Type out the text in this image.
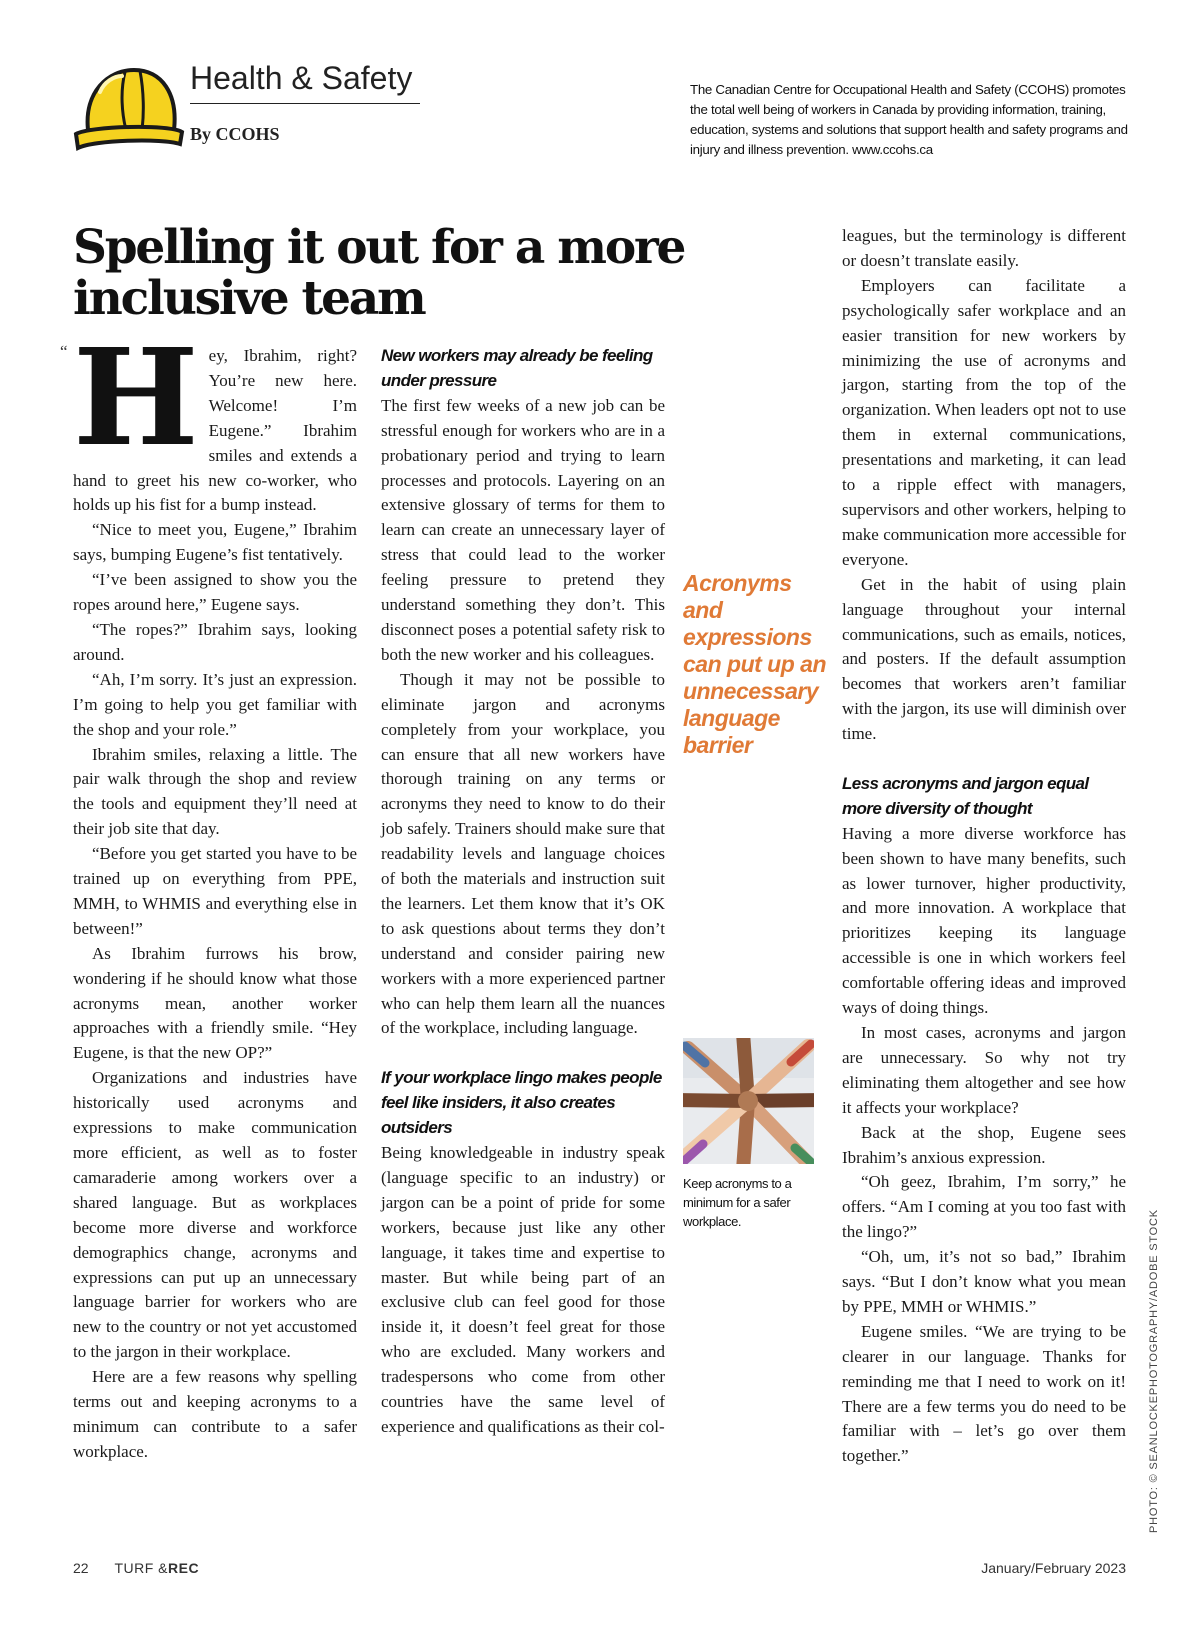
Health & Safety
By CCOHS
The Canadian Centre for Occupational Health and Safety (CCOHS) promotes the total well being of workers in Canada by providing information, training, education, systems and solutions that support health and safety programs and injury and illness prevention. www.ccohs.ca
Spelling it out for a more inclusive team
“ H ey, Ibrahim, right? You’re new here. Welcome! I’m Eugene.” Ibrahim smiles and extends a hand to greet his new co-worker, who holds up his fist for a bump instead.

“Nice to meet you, Eugene,” Ibrahim says, bumping Eugene’s fist tentatively.

“I’ve been assigned to show you the ropes around here,” Eugene says.

“The ropes?” Ibrahim says, looking around.

“Ah, I’m sorry. It’s just an expression. I’m going to help you get familiar with the shop and your role.”

Ibrahim smiles, relaxing a little. The pair walk through the shop and review the tools and equipment they’ll need at their job site that day.

“Before you get started you have to be trained up on everything from PPE, MMH, to WHMIS and everything else in between!”

As Ibrahim furrows his brow, wondering if he should know what those acronyms mean, another worker approaches with a friendly smile. “Hey Eugene, is that the new OP?”

Organizations and industries have historically used acronyms and expressions to make communication more efficient, as well as to foster camaraderie among workers over a shared language. But as workplaces become more diverse and workforce demographics change, acronyms and expressions can put up an unnecessary language barrier for workers who are new to the country or not yet accustomed to the jargon in their workplace.

Here are a few reasons why spelling terms out and keeping acronyms to a minimum can contribute to a safer workplace.

New workers may already be feeling under pressure

The first few weeks of a new job can be stressful enough for workers who are in a probationary period and trying to learn processes and protocols. Layering on an extensive glossary of terms for them to learn can create an unnecessary layer of stress that could lead to the worker feeling pressure to pretend they understand something they don’t. This disconnect poses a potential safety risk to both the new worker and his colleagues.

Though it may not be possible to eliminate jargon and acronyms completely from your workplace, you can ensure that all new workers have thorough training on any terms or acronyms they need to know to do their job safely. Trainers should make sure that readability levels and language choices of both the materials and instruction suit the learners. Let them know that it’s OK to ask questions about terms they don’t understand and consider pairing new workers with a more experienced partner who can help them learn all the nuances of the workplace, including language.

If your workplace lingo makes people feel like insiders, it also creates outsiders

Being knowledgeable in industry speak (language specific to an industry) or jargon can be a point of pride for some workers, because just like any other language, it takes time and expertise to master. But while being part of an exclusive club can feel good for those inside it, it doesn’t feel great for those who are excluded. Many workers and tradespersons who come from other countries have the same level of experience and qualifications as their col-

Acronyms and expressions can put up an unnecessary language barrier
Keep acronyms to a minimum for a safer workplace.

leagues, but the terminology is different or doesn’t translate easily.

Employers can facilitate a psychologically safer workplace and an easier transition for new workers by minimizing the use of acronyms and jargon, starting from the top of the organization. When leaders opt not to use them in external communications, presentations and marketing, it can lead to a ripple effect with managers, supervisors and other workers, helping to make communication more accessible for everyone.

Get in the habit of using plain language throughout your internal communications, such as emails, notices, and posters. If the default assumption becomes that workers aren’t familiar with the jargon, its use will diminish over time.

Less acronyms and jargon equal more diversity of thought

Having a more diverse workforce has been shown to have many benefits, such as lower turnover, higher productivity, and more innovation. A workplace that prioritizes keeping its language accessible is one in which workers feel comfortable offering ideas and improved ways of doing things.

In most cases, acronyms and jargon are unnecessary. So why not try eliminating them altogether and see how it affects your workplace?

Back at the shop, Eugene sees Ibrahim’s anxious expression.

“Oh geez, Ibrahim, I’m sorry,” he offers. “Am I coming at you too fast with the lingo?”

“Oh, um, it’s not so bad,” Ibrahim says. “But I don’t know what you mean by PPE, MMH or WHMIS.”

Eugene smiles. “We are trying to be clearer in our language. Thanks for reminding me that I need to work on it! There are a few terms you do need to be familiar with – let’s go over them together.”	PHOTO: © SEANLOCKEPHOTOGRAPHY/ADOBE STOCK
22 TURF &REC	January/February 2023
